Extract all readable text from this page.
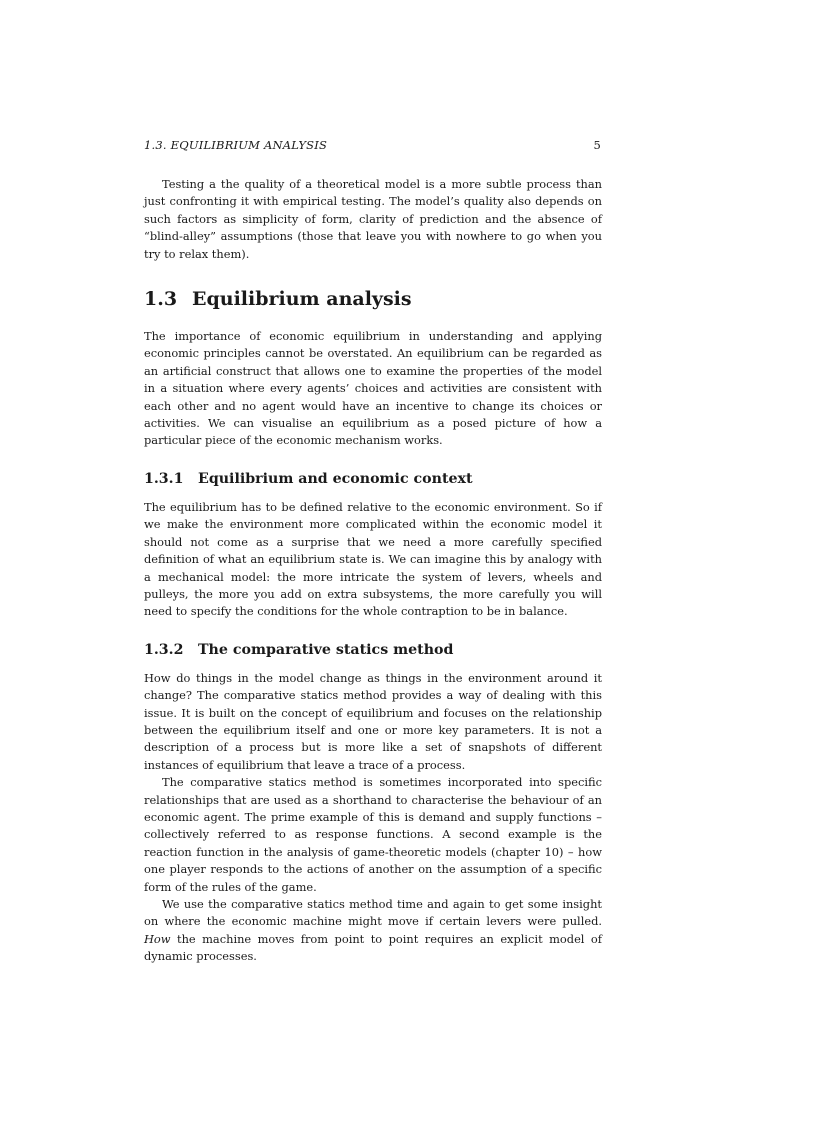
1.3. EQUILIBRIUM ANALYSIS	5

Testing a the quality of a theoretical model is a more subtle process than just confronting it with empirical testing. The model’s quality also depends on such factors as simplicity of form, clarity of prediction and the absence of “blind-alley” assumptions (those that leave you with nowhere to go when you try to relax them).

1.3 Equilibrium analysis

The importance of economic equilibrium in understanding and applying economic principles cannot be overstated. An equilibrium can be regarded as an artificial construct that allows one to examine the properties of the model in a situation where every agents’ choices and activities are consistent with each other and no agent would have an incentive to change its choices or activities. We can visualise an equilibrium as a posed picture of how a particular piece of the economic mechanism works.

1.3.1 Equilibrium and economic context

The equilibrium has to be defined relative to the economic environment. So if we make the environment more complicated within the economic model it should not come as a surprise that we need a more carefully specified definition of what an equilibrium state is. We can imagine this by analogy with a mechanical model: the more intricate the system of levers, wheels and pulleys, the more you add on extra subsystems, the more carefully you will need to specify the conditions for the whole contraption to be in balance.

1.3.2 The comparative statics method

How do things in the model change as things in the environment around it change? The comparative statics method provides a way of dealing with this issue. It is built on the concept of equilibrium and focuses on the relationship between the equilibrium itself and one or more key parameters. It is not a description of a process but is more like a set of snapshots of different instances of equilibrium that leave a trace of a process.

The comparative statics method is sometimes incorporated into specific relationships that are used as a shorthand to characterise the behaviour of an economic agent. The prime example of this is demand and supply functions – collectively referred to as response functions. A second example is the reaction function in the analysis of game-theoretic models (chapter 10) – how one player responds to the actions of another on the assumption of a specific form of the rules of the game.

We use the comparative statics method time and again to get some insight on where the economic machine might move if certain levers were pulled. How the machine moves from point to point requires an explicit model of dynamic processes.
